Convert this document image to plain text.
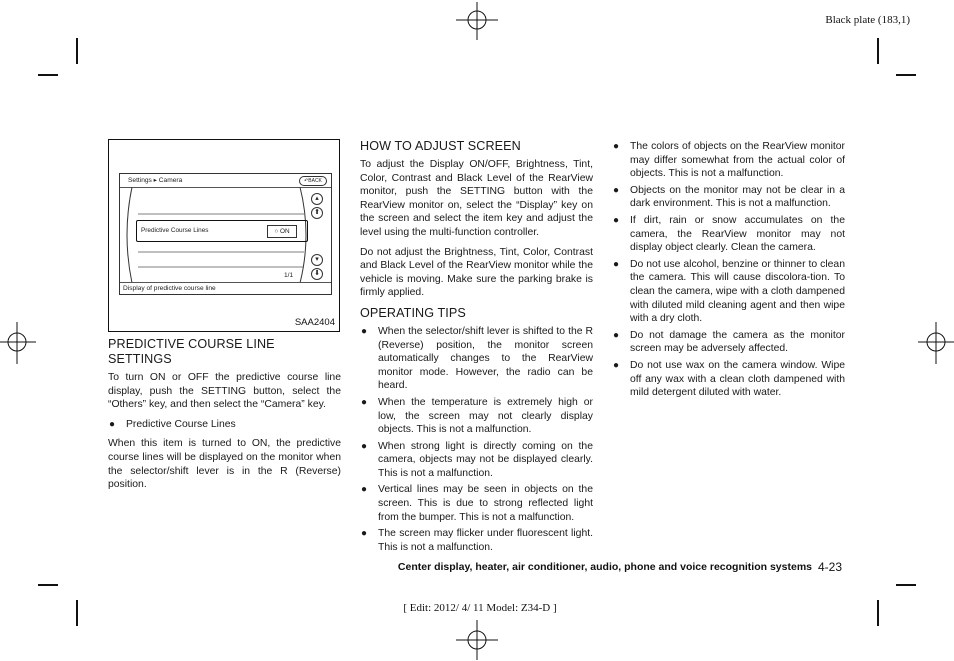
Black plate (183,1)
Settings ▸ Camera	↶BACK
Predictive Course Lines	○ ON
▴
⬆
▾
⬇
1/1
Display of predictive course line
SAA2404
PREDICTIVE COURSE LINE SETTINGS

To turn ON or OFF the predictive course line display, push the SETTING button, select the “Others” key, and then select the “Camera” key.

● Predictive Course Lines

When this item is turned to ON, the predictive course lines will be displayed on the monitor when the selector/shift lever is in the R (Reverse) position.

HOW TO ADJUST SCREEN

To adjust the Display ON/OFF, Brightness, Tint, Color, Contrast and Black Level of the RearView monitor, push the SETTING button with the RearView monitor on, select the “Display” key on the screen and select the item key and adjust the level using the multi-function controller.

Do not adjust the Brightness, Tint, Color, Contrast and Black Level of the RearView monitor while the vehicle is moving. Make sure the parking brake is firmly applied.

OPERATING TIPS
● When the selector/shift lever is shifted to the R (Reverse) position, the monitor screen automatically changes to the RearView monitor mode. However, the radio can be heard.
● When the temperature is extremely high or low, the screen may not clearly display objects. This is not a malfunction.
● When strong light is directly coming on the camera, objects may not be displayed clearly. This is not a malfunction.
● Vertical lines may be seen in objects on the screen. This is due to strong reflected light from the bumper. This is not a malfunction.
● The screen may flicker under fluorescent light. This is not a malfunction.
● The colors of objects on the RearView monitor may differ somewhat from the actual color of objects. This is not a malfunction.
● Objects on the monitor may not be clear in a dark environment. This is not a malfunction.
● If dirt, rain or snow accumulates on the camera, the RearView monitor may not display object clearly. Clean the camera.
● Do not use alcohol, benzine or thinner to clean the camera. This will cause discolora-tion. To clean the camera, wipe with a cloth dampened with diluted mild cleaning agent and then wipe with a dry cloth.
● Do not damage the camera as the monitor screen may be adversely affected.
● Do not use wax on the camera window. Wipe off any wax with a clean cloth dampened with mild detergent diluted with water.
Center display, heater, air conditioner, audio, phone and voice recognition systems 4-23
[ Edit: 2012/ 4/ 11 Model: Z34-D ]
